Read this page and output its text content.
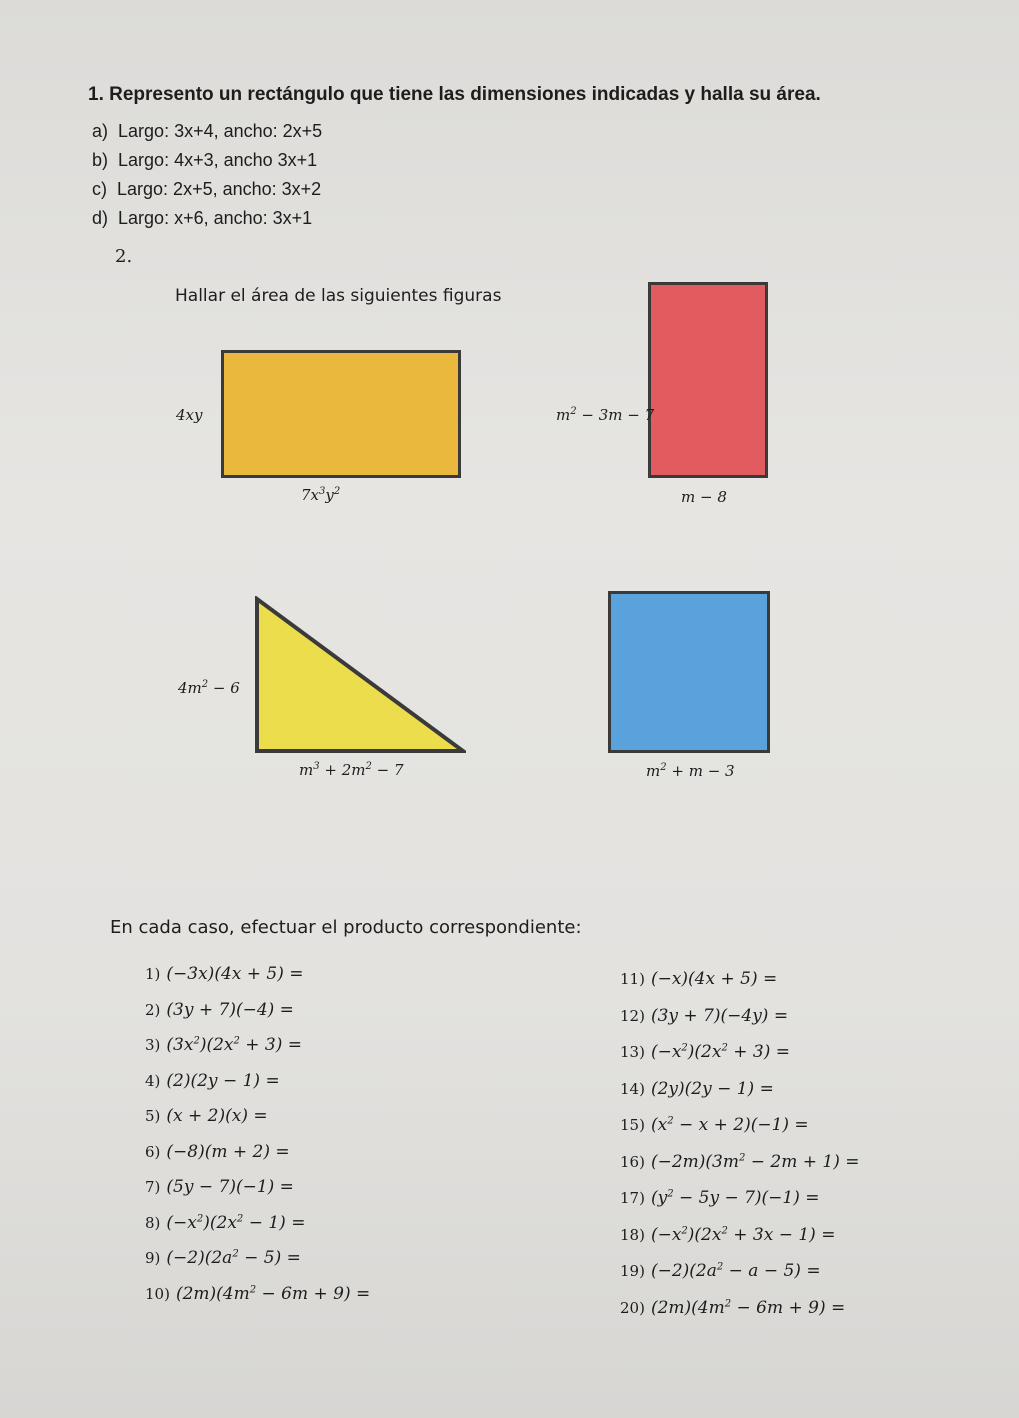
1. Represento un rectángulo que tiene las dimensiones indicadas y halla su área.
a) Largo: 3x+4, ancho: 2x+5
b) Largo: 4x+3, ancho 3x+1
c) Largo: 2x+5, ancho: 3x+2
d) Largo: x+6, ancho: 3x+1
2.
Hallar el área de las siguientes figuras
4xy
$7x^3y^2$
$m^2 - 3m - 7$
m − 8
$4m^2 - 6$
$m^3 + 2m^2 - 7$	$m^2 + m - 3$
En cada caso, efectuar el producto correspondiente:
1) (−3x)(4x + 5) =
2) (3y + 7)(−4) =
3) $(3x^2)(2x^2 + 3)$ =
4) (2)(2y − 1) =
5) (x + 2)(x) =
6) (−8)(m + 2) =
7) (5y − 7)(−1) =
8) $(-x^2)(2x^2 - 1)$ =
9) $(-2)(2a^2 - 5)$ =
10) $(2m)(4m^2 - 6m + 9)$ =
11) (−x)(4x + 5) =
12) (3y + 7)(−4y) =
13) $(-x^2)(2x^2 + 3)$ =
14) (2y)(2y − 1) =
15) $(x^2 - x + 2)(-1)$ =
16) $(-2m)(3m^2 - 2m + 1)$ =
17) $(y^2 - 5y - 7)(-1)$ =
18) $(-x^2)(2x^2 + 3x - 1)$ =
19) $(-2)(2a^2 - a - 5)$ =
20) $(2m)(4m^2 - 6m + 9)$ =
